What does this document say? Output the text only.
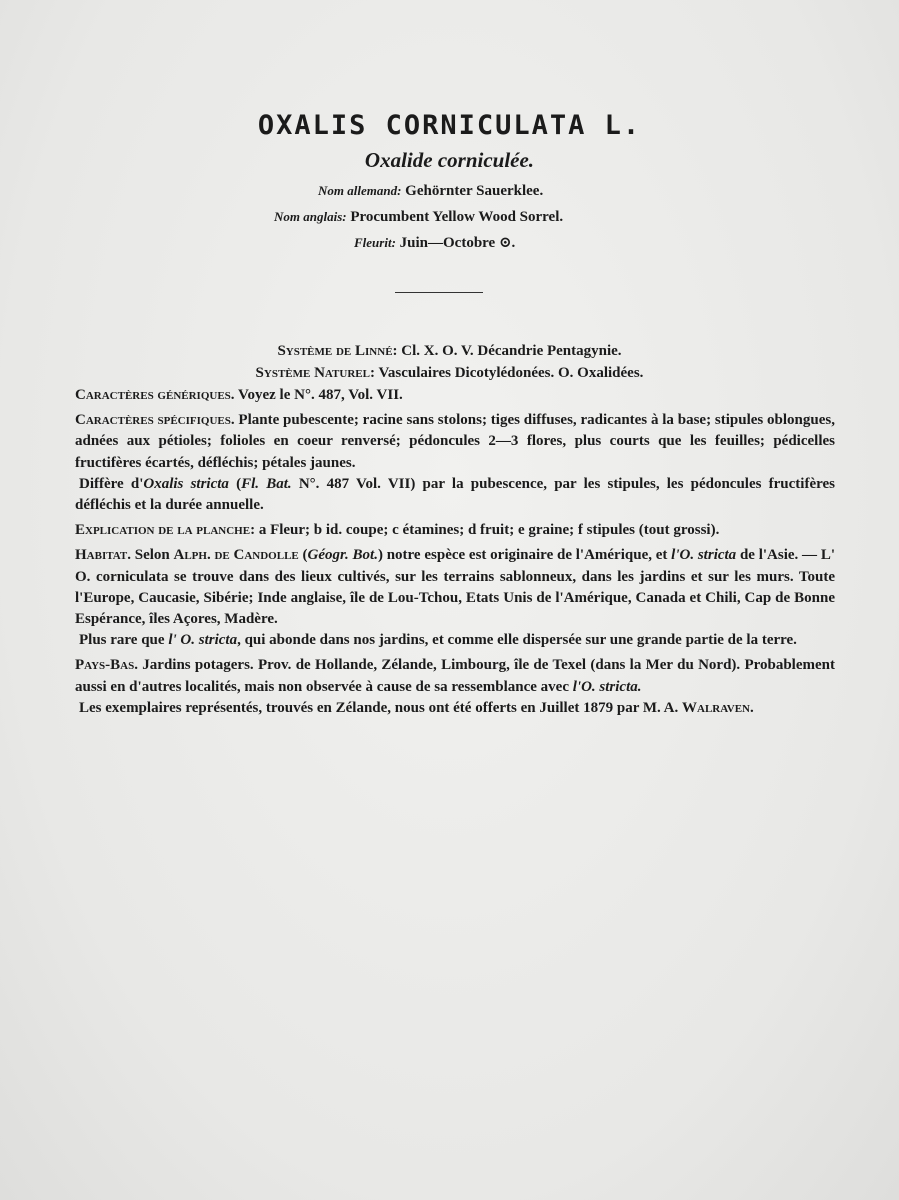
OXALIS CORNICULATA L.
Oxalide corniculée.
Nom allemand: Gehörnter Sauerklee.
Nom anglais: Procumbent Yellow Wood Sorrel.
Fleurit: Juin—Octobre ⊙.
Système de Linné: Cl. X. O. V. Décandrie Pentagynie.
Système Naturel: Vasculaires Dicotylédonées. O. Oxalidées.

Caractères génériques. Voyez le N°. 487, Vol. VII.

Caractères spécifiques. Plante pubescente; racine sans stolons; tiges diffuses, radicantes à la base; stipules oblongues, adnées aux pétioles; folioles en coeur renversé; pédoncules 2—3 flores, plus courts que les feuilles; pédicelles fructifères écartés, défléchis; pétales jaunes.

Diffère d'Oxalis stricta (Fl. Bat. N°. 487 Vol. VII) par la pubescence, par les stipules, les pédoncules fructifères défléchis et la durée annuelle.

Explication de la planche: a Fleur; b id. coupe; c étamines; d fruit; e graine; f stipules (tout grossi).

Habitat. Selon Alph. de Candolle (Géogr. Bot.) notre espèce est originaire de l'Amérique, et l'O. stricta de l'Asie. — L' O. corniculata se trouve dans des lieux cultivés, sur les terrains sablonneux, dans les jardins et sur les murs. Toute l'Europe, Caucasie, Sibérie; Inde anglaise, île de Lou-Tchou, Etats Unis de l'Amérique, Canada et Chili, Cap de Bonne Espérance, îles Açores, Madère.

Plus rare que l' O. stricta, qui abonde dans nos jardins, et comme elle dispersée sur une grande partie de la terre.

Pays-Bas. Jardins potagers. Prov. de Hollande, Zélande, Limbourg, île de Texel (dans la Mer du Nord). Probablement aussi en d'autres localités, mais non observée à cause de sa ressemblance avec l'O. stricta.

Les exemplaires représentés, trouvés en Zélande, nous ont été offerts en Juillet 1879 par M. A. Walraven.
